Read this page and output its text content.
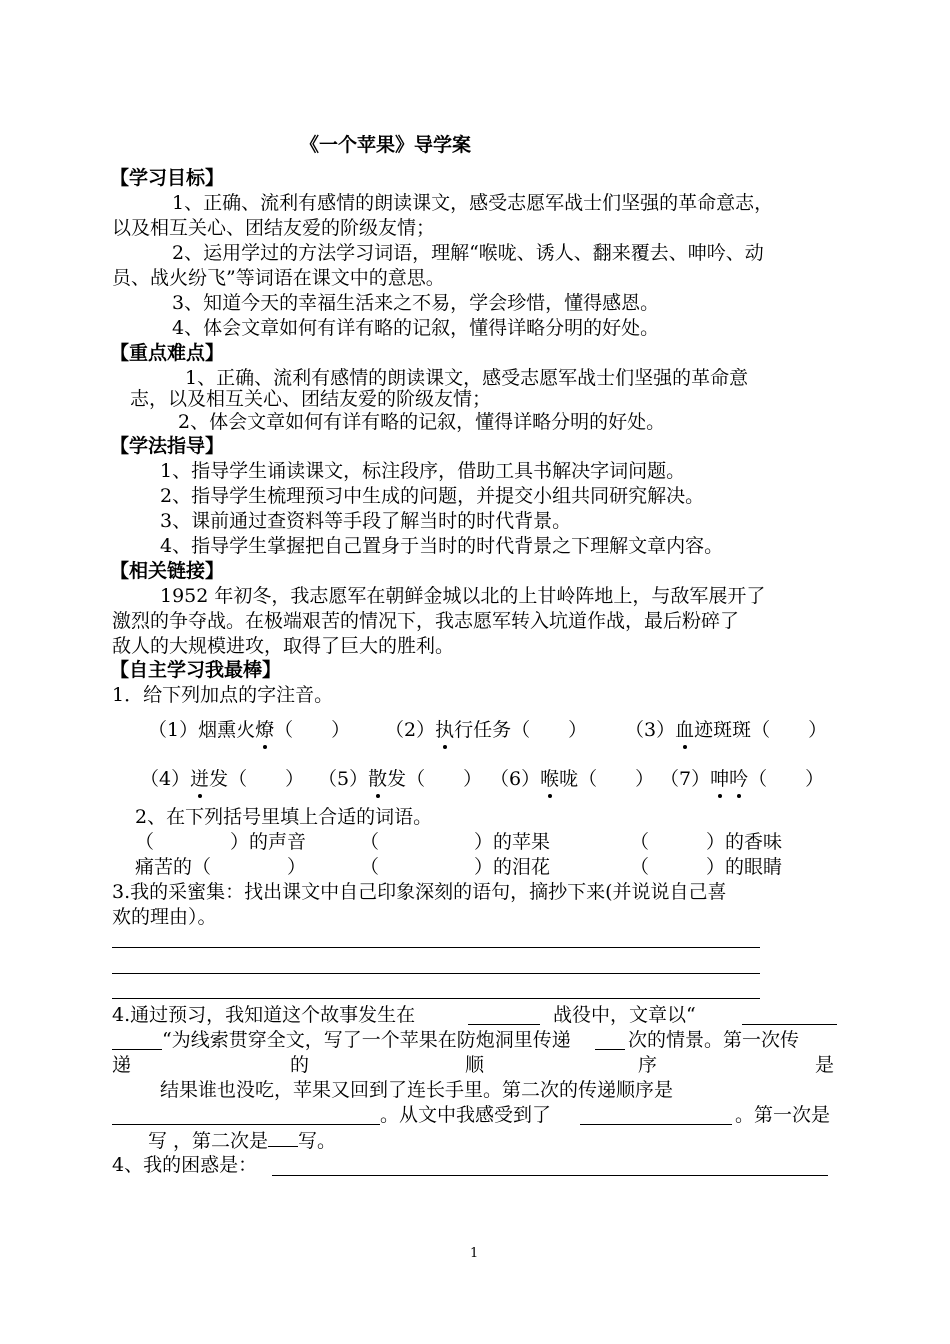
《一个苹果》导学案
【学习目标】
1、正确、流利有感情的朗读课文，感受志愿军战士们坚强的革命意志，
以及相互关心、团结友爱的阶级友情；
2、运用学过的方法学习词语，理解“喉咙、诱人、翻来覆去、呻吟、动
员、战火纷飞”等词语在课文中的意思。
3、知道今天的幸福生活来之不易，学会珍惜，懂得感恩。
4、体会文章如何有详有略的记叙，懂得详略分明的好处。
【重点难点】
1、正确、流利有感情的朗读课文，感受志愿军战士们坚强的革命意
志，以及相互关心、团结友爱的阶级友情；
2、体会文章如何有详有略的记叙，懂得详略分明的好处。
【学法指导】
1、指导学生诵读课文，标注段序，借助工具书解决字词问题。
2、指导学生梳理预习中生成的问题，并提交小组共同研究解决。
3、课前通过查资料等手段了解当时的时代背景。
4、指导学生掌握把自己置身于当时的时代背景之下理解文章内容。
【相关链接】
1952 年初冬，我志愿军在朝鲜金城以北的上甘岭阵地上，与敌军展开了
激烈的争夺战。在极端艰苦的情况下，我志愿军转入坑道作战，最后粉碎了
敌人的大规模进攻，取得了巨大的胜利。
【自主学习我最棒】
1．给下列加点的字注音。
（1）烟熏火燎（　　） （2）执行任务（　　） （3）血迹斑斑（　　）
（4）迸发（　　） （5）散发（　　） （6）喉咙（　　） （7）呻吟（　　）
2、在下列括号里填上合适的词语。
（　　　　）的声音	（　　　　　）的苹果	（　　　）的香味
痛苦的（　　　　）	（　　　　　）的泪花	（　　　）的眼睛
3.我的采蜜集：找出课文中自己印象深刻的语句，摘抄下来(并说说自己喜
欢的理由）。
4.通过预习，我知道这个故事发生在	战役中，文章以“
“为线索贯穿全文，写了一个苹果在防炮洞里传递	次的情景。第一次传
递	的	顺	序	是
结果谁也没吃，苹果又回到了连长手里。第二次的传递顺序是
。从文中我感受到了	。第一次是
写 ，第二次是 写。
4、我的困惑是：
1
